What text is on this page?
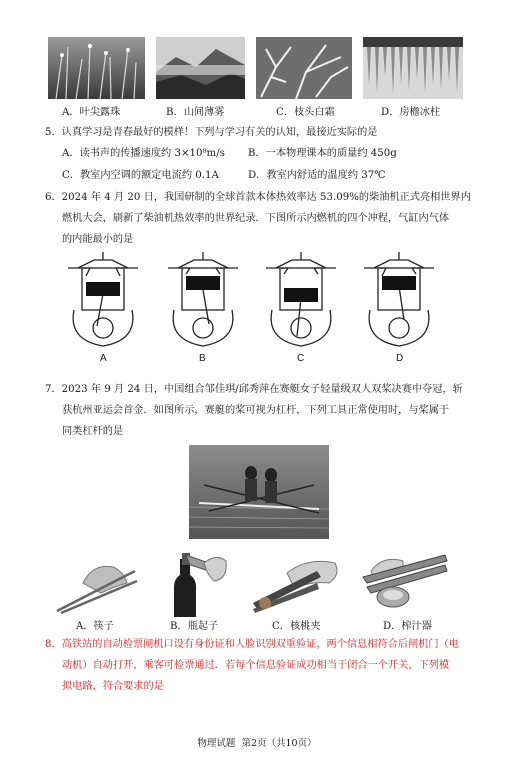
A．叶尖露珠	B．山间薄雾	C．枝头白霜	D．房檐冰柱
5．认真学习是青春最好的模样！下列与学习有关的认知，最接近实际的是
A．读书声的传播速度约 3×10⁸m/s B．一本物理课本的质量约 450g
C．教室内空调的额定电流约 0.1A	D．教室内舒适的温度约 37℃
6．2024 年 4 月 20 日，我国研制的全球首款本体热效率达 53.09%的柴油机正式亮相世界内
燃机大会，刷新了柴油机热效率的世界纪录．下图所示内燃机的四个冲程，气缸内气体
的内能最小的是
A	B	C	D
7．2023 年 9 月 24 日，中国组合邹佳琪/邱秀萍在赛艇女子轻量级双人双桨决赛中夺冠，斩
获杭州亚运会首金．如图所示，赛艇的桨可视为杠杆，下列工具正常使用时，与桨属于
同类杠杆的是
A．筷子	B．瓶起子	C．核桃夹	D．榨汁器
8．高铁站的自动检票闸机口设有身份证和人脸识别双重验证，两个信息相符合后闸机门（电
动机）自动打开，乘客可检票通过．若每个信息验证成功相当于闭合一个开关，下列模
拟电路，符合要求的是
物理试题  第2页（共10页）
